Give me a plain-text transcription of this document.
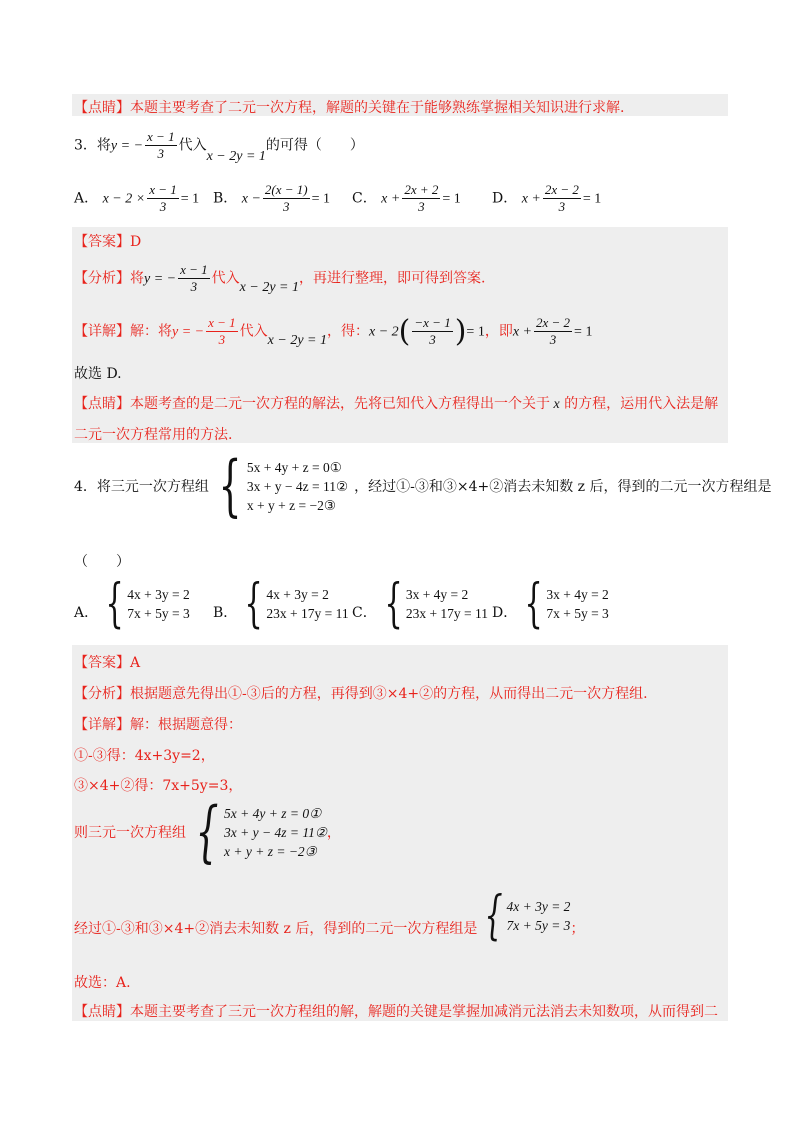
【点睛】本题主要考查了二元一次方程，解题的关键在于能够熟练掌握相关知识进行求解.
3．将y = − $\frac{x - 1}{3}$ 代入x − 2y = 1的可得（　　）
A． $x - 2 \times \frac{x - 1}{3} = 1$ B． $x - \frac{2(x - 1)}{3} = 1$ C． $x + \frac{2x + 2}{3} = 1$ D． $x + \frac{2x - 2}{3} = 1$
【答案】D
【分析】将y = − $\frac{x - 1}{3}$ 代入x − 2y = 1，再进行整理，即可得到答案.
【详解】解：将y = − $\frac{x - 1}{3}$ 代入x − 2y = 1，得：$x - 2( \frac{-x - 1}{3}$ )= 1，即$x + \frac{2x - 2}{3} = 1$
故选 D.
【点睛】本题考查的是二元一次方程的解法，先将已知代入方程得出一个关于 x 的方程，运用代入法是解
二元一次方程常用的方法.
4． 将三元一次方程组 { 5x + 4y + z = 0①
3x + y − 4z = 11②
x + y + z = −2③
，经过①-③和③×4+②消去未知数 z 后，得到的二元一次方程组是
（　　）
A． { 4x + 3y = 2
7x + 5y = 3 B． { 4x + 3y = 2
23x + 17y = 11 C． { 3x + 4y = 2
23x + 17y = 11 D． { 3x + 4y = 2
7x + 5y = 3
【答案】A
【分析】根据题意先得出①-③后的方程，再得到③×4+②的方程，从而得出二元一次方程组.
【详解】解：根据题意得：
①-③得：4x+3y=2，
③×4+②得：7x+5y=3，
则三元一次方程组 { 5x + 4y + z = 0①
3x + y − 4z = 11②
x + y + z = −2③
，
经过①-③和③×4+②消去未知数 z 后，得到的二元一次方程组是 { 4x + 3y = 2
7x + 5y = 3 ；
故选：A.
【点睛】本题主要考查了三元一次方程组的解，解题的关键是掌握加减消元法消去未知数项，从而得到二
